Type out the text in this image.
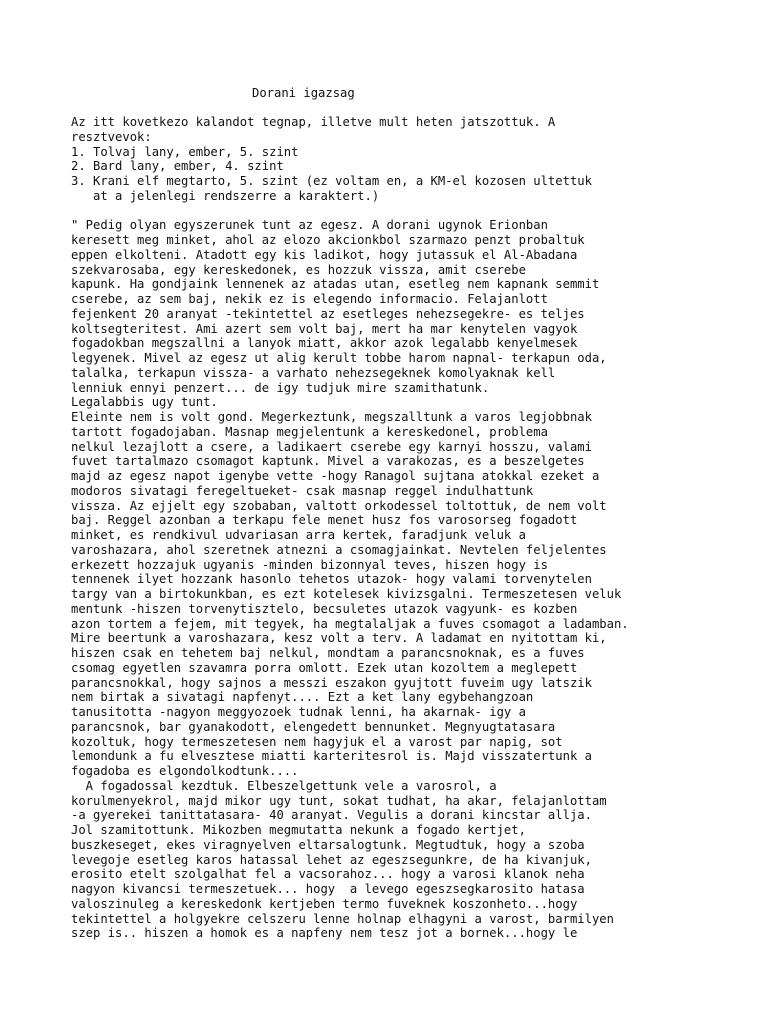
Dorani igazsag
Az itt kovetkezo kalandot tegnap, illetve mult heten jatszottuk. A
resztvevok:
1. Tolvaj lany, ember, 5. szint
2. Bard lany, ember, 4. szint
3. Krani elf megtarto, 5. szint (ez voltam en, a KM-el kozosen ultettuk
at a jelenlegi rendszerre a karaktert.)
" Pedig olyan egyszerunek tunt az egesz. A dorani ugynok Erionban
keresett meg minket, ahol az elozo akcionkbol szarmazo penzt probaltuk
eppen elkolteni. Atadott egy kis ladikot, hogy jutassuk el Al-Abadana
szekvarosaba, egy kereskedonek, es hozzuk vissza, amit cserebe
kapunk. Ha gondjaink lennenek az atadas utan, esetleg nem kapnank semmit
cserebe, az sem baj, nekik ez is elegendo informacio. Felajanlott
fejenkent 20 aranyat -tekintettel az esetleges nehezsegekre- es teljes
koltsegteritest. Ami azert sem volt baj, mert ha mar kenytelen vagyok
fogadokban megszallni a lanyok miatt, akkor azok legalabb kenyelmesek
legyenek. Mivel az egesz ut alig kerult tobbe harom napnal- terkapun oda,
talalka, terkapun vissza- a varhato nehezsegeknek komolyaknak kell
lenniuk ennyi penzert... de igy tudjuk mire szamithatunk.
Legalabbis ugy tunt.
Eleinte nem is volt gond. Megerkeztunk, megszalltunk a varos legjobbnak
tartott fogadojaban. Masnap megjelentunk a kereskedonel, problema
nelkul lezajlott a csere, a ladikaert cserebe egy karnyi hosszu, valami
fuvet tartalmazo csomagot kaptunk. Mivel a varakozas, es a beszelgetes
majd az egesz napot igenybe vette -hogy Ranagol sujtana atokkal ezeket a
modoros sivatagi feregeltueket- csak masnap reggel indulhattunk
vissza. Az ejjelt egy szobaban, valtott orkodessel toltottuk, de nem volt
baj. Reggel azonban a terkapu fele menet husz fos varosorseg fogadott
minket, es rendkivul udvariasan arra kertek, faradjunk veluk a
varoshazara, ahol szeretnek atnezni a csomagjainkat. Nevtelen feljelentes
erkezett hozzajuk ugyanis -minden bizonnyal teves, hiszen hogy is
tennenek ilyet hozzank hasonlo tehetos utazok- hogy valami torvenytelen
targy van a birtokunkban, es ezt kotelesek kivizsgalni. Termeszetesen veluk
mentunk -hiszen torvenytisztelo, becsuletes utazok vagyunk- es kozben
azon tortem a fejem, mit tegyek, ha megtalaljak a fuves csomagot a ladamban.
Mire beertunk a varoshazara, kesz volt a terv. A ladamat en nyitottam ki,
hiszen csak en tehetem baj nelkul, mondtam a parancsnoknak, es a fuves
csomag egyetlen szavamra porra omlott. Ezek utan kozoltem a meglepett
parancsnokkal, hogy sajnos a messzi eszakon gyujtott fuveim ugy latszik
nem birtak a sivatagi napfenyt.... Ezt a ket lany egybehangzoan
tanusitotta -nagyon meggyozoek tudnak lenni, ha akarnak- igy a
parancsnok, bar gyanakodott, elengedett bennunket. Megnyugtatasara
kozoltuk, hogy termeszetesen nem hagyjuk el a varost par napig, sot
lemondunk a fu elvesztese miatti karteritesrol is. Majd visszatertunk a
fogadoba es elgondolkodtunk....
A fogadossal kezdtuk. Elbeszelgettunk vele a varosrol, a
korulmenyekrol, majd mikor ugy tunt, sokat tudhat, ha akar, felajanlottam
-a gyerekei tanittatasara- 40 aranyat. Vegulis a dorani kincstar allja.
Jol szamitottunk. Mikozben megmutatta nekunk a fogado kertjet,
buszkeseget, ekes viragnyelven eltarsalogtunk. Megtudtuk, hogy a szoba
levegoje esetleg karos hatassal lehet az egeszsegunkre, de ha kivanjuk,
erosito etelt szolgalhat fel a vacsorahoz... hogy a varosi klanok neha
nagyon kivancsi termeszetuek... hogy  a levego egeszsegkarosito hatasa
valoszinuleg a kereskedonk kertjeben termo fuveknek koszonheto...hogy
tekintettel a holgyekre celszeru lenne holnap elhagyni a varost, barmilyen
szep is.. hiszen a homok es a napfeny nem tesz jot a bornek...hogy le
